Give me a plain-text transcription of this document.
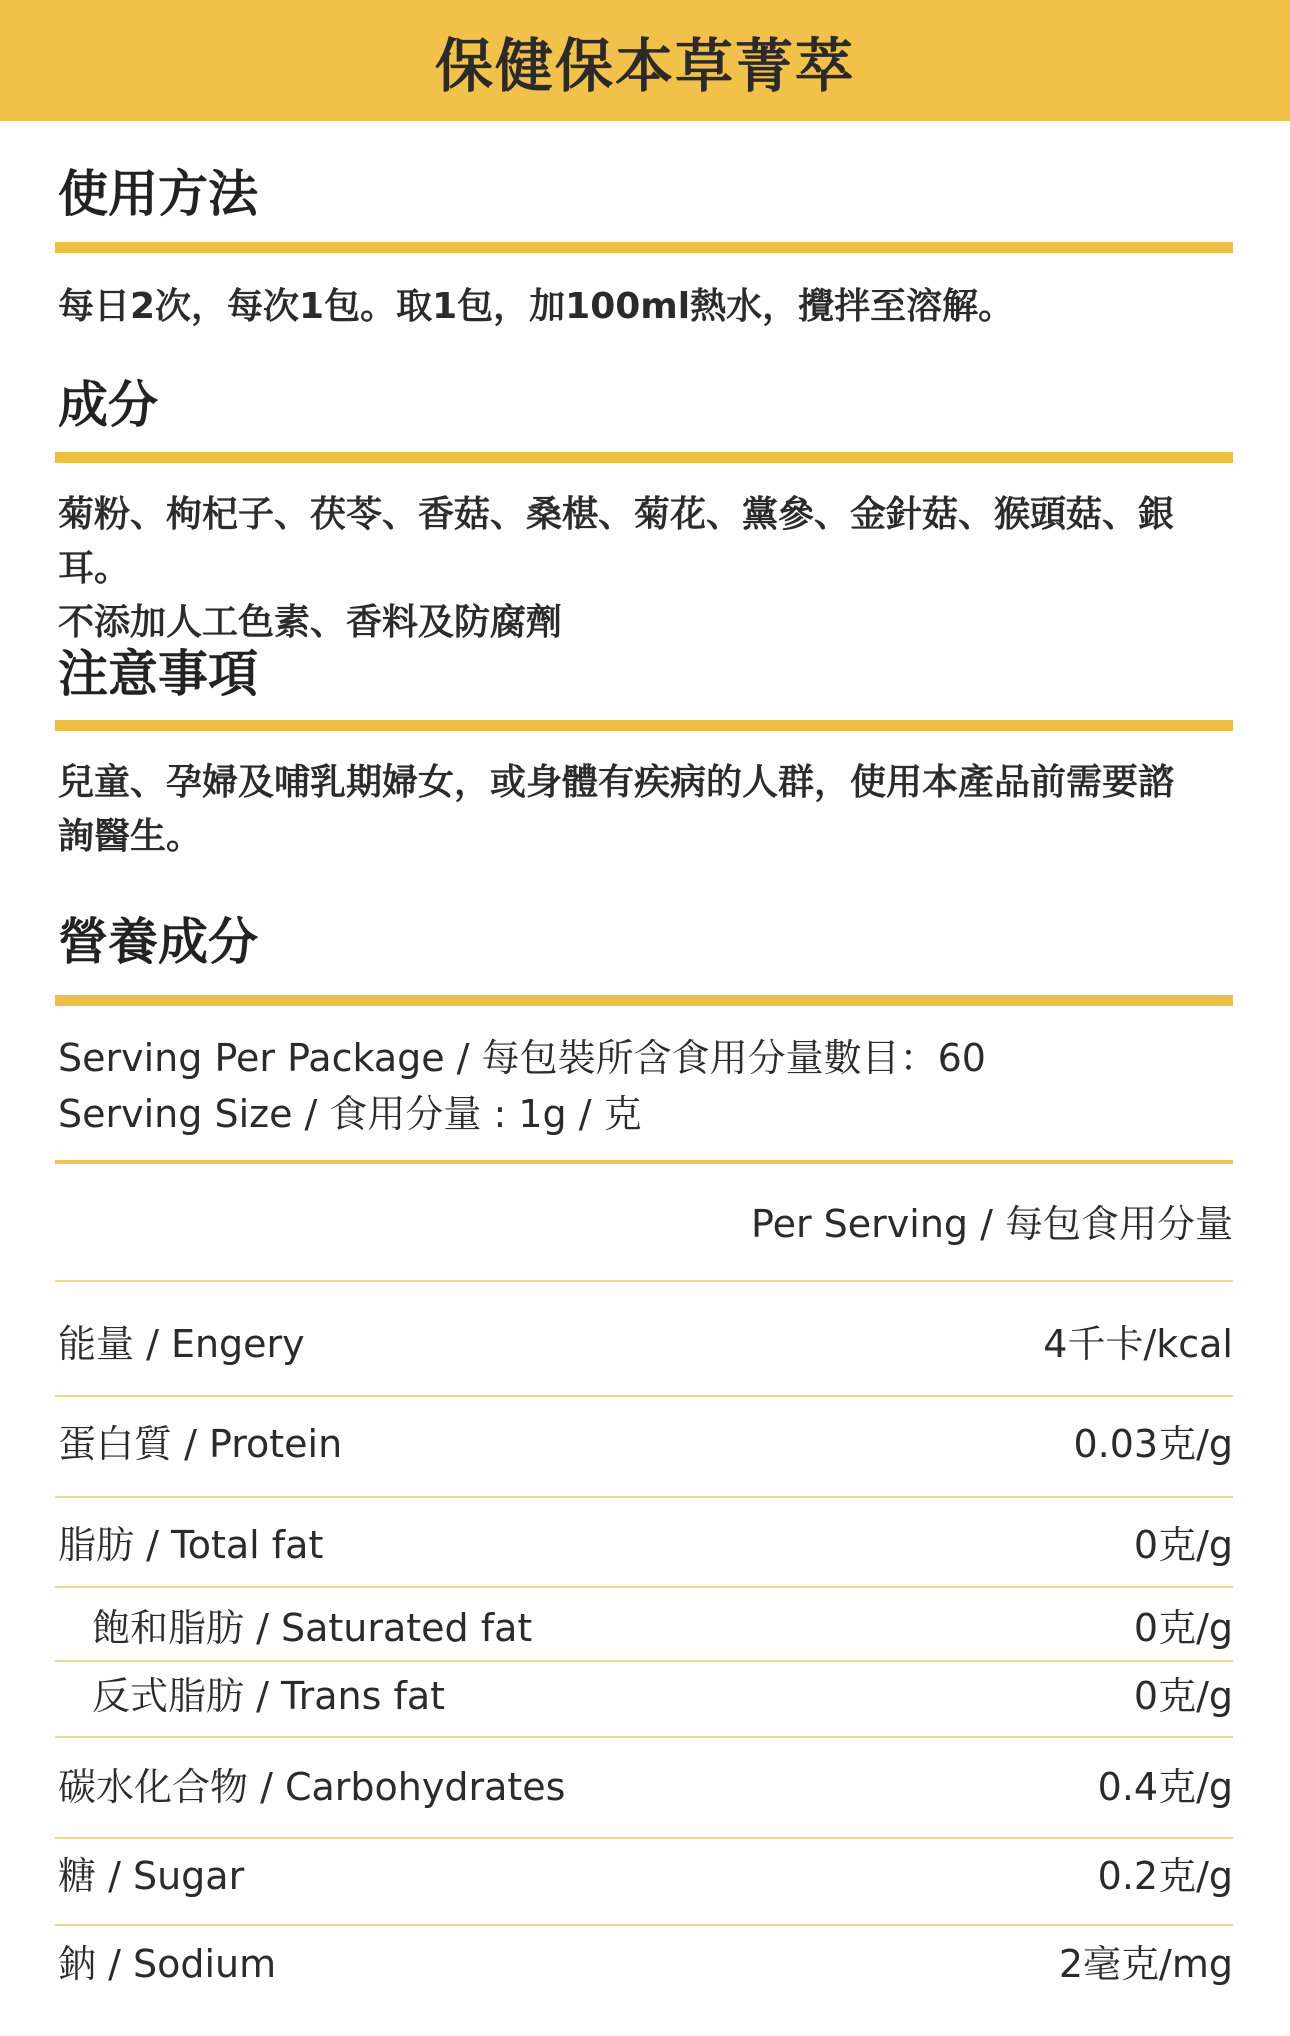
保健保本草菁萃
使用方法

每日2次，每次1包。取1包，加100ml熱水，攪拌至溶解。

成分

菊粉、枸杞子、茯苓、香菇、桑椹、菊花、黨參、金針菇、猴頭菇、銀耳。

不添加人工色素、香料及防腐劑

注意事項

兒童、孕婦及哺乳期婦女，或身體有疾病的人群，使用本產品前需要諮

詢醫生。

營養成分

Serving Per Package / 每包裝所含食用分量數目：60

Serving Size / 食用分量 : 1g / 克

Per Serving / 每包食用分量
能量 / Engery	4千卡/kcal
蛋白質 / Protein	0.03克/g
脂肪 / Total fat	0克/g
飽和脂肪 / Saturated fat	0克/g
反式脂肪 / Trans fat	0克/g
碳水化合物 / Carbohydrates	0.4克/g
糖 / Sugar	0.2克/g
鈉 / Sodium	2毫克/mg
